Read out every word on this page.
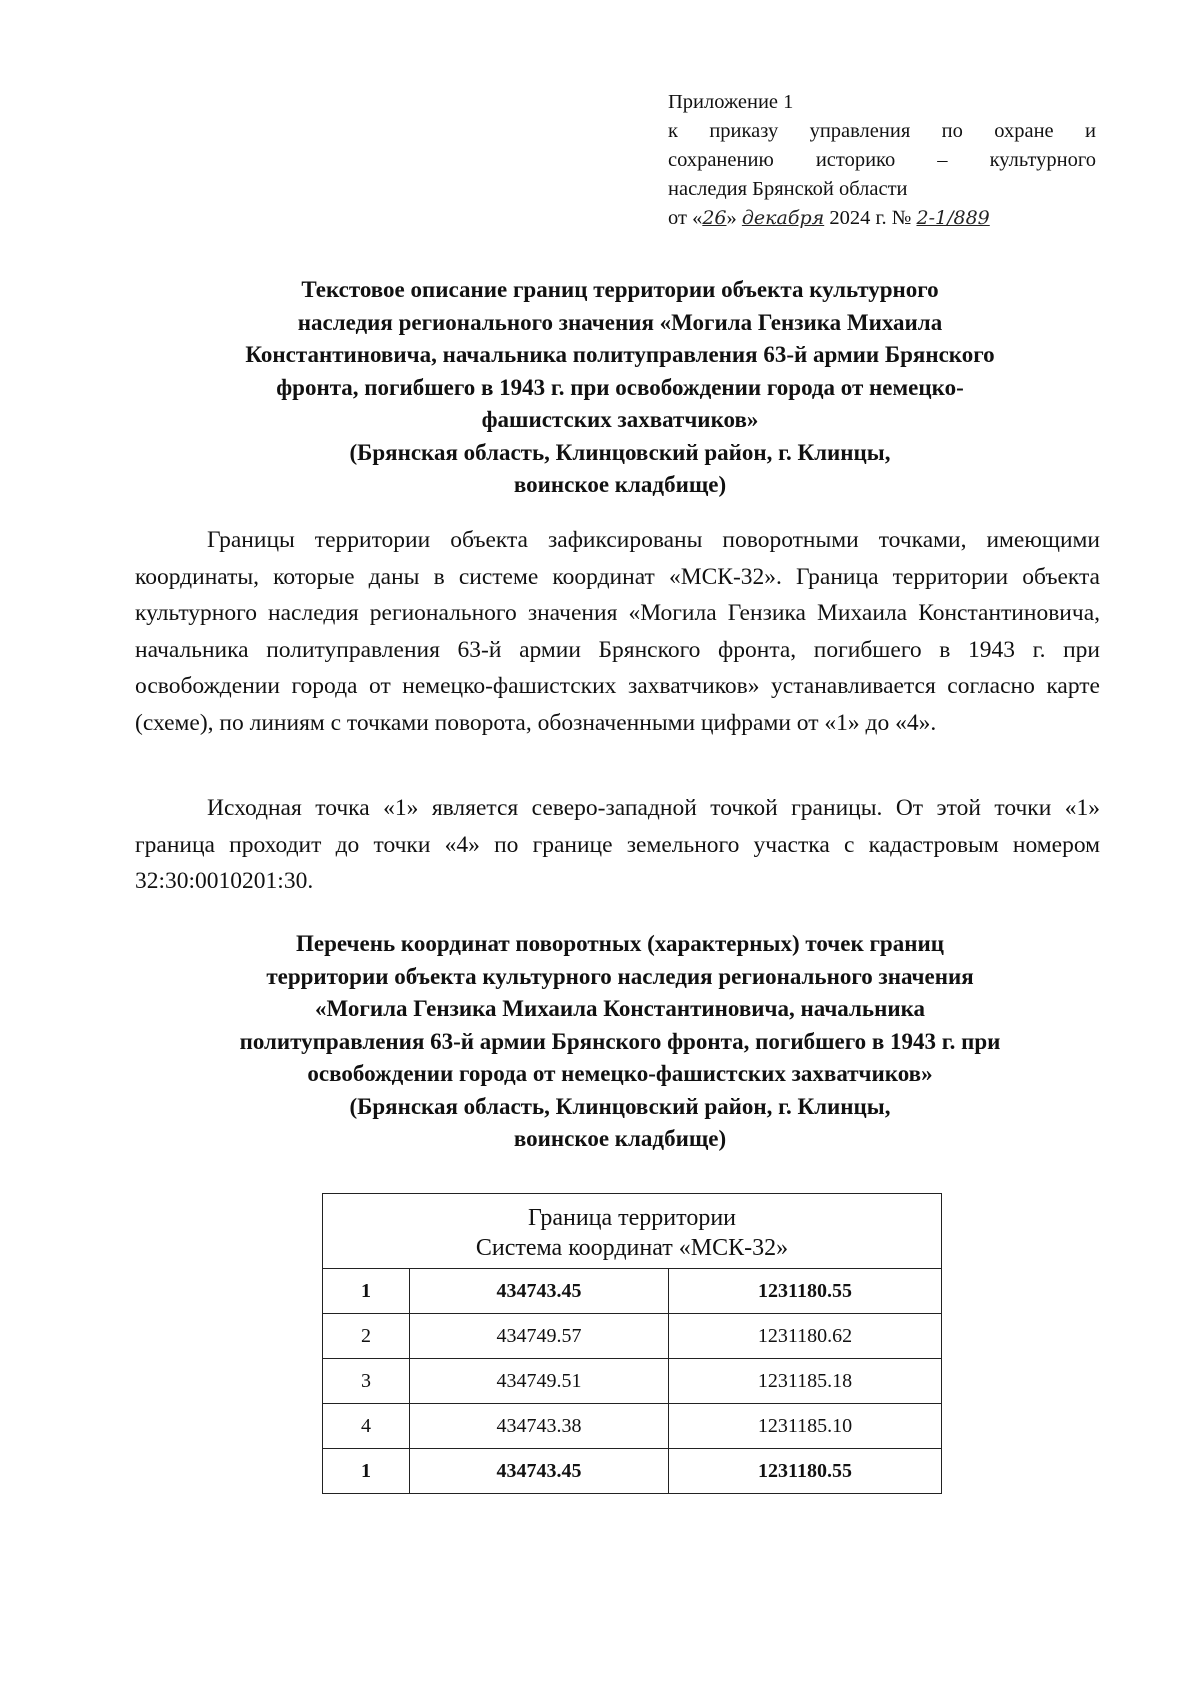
Приложение 1
к приказу управления по охране и
сохранению историко – культурного
наследия Брянской области
от «26» декабря 2024 г. № 2-1/889
Текстовое описание границ территории объекта культурного
наследия регионального значения «Могила Гензика Михаила
Константиновича, начальника политуправления 63-й армии Брянского
фронта, погибшего в 1943 г. при освобождении города от немецко-
фашистских захватчиков»
(Брянская область, Клинцовский район, г. Клинцы,
воинское кладбище)

Границы территории объекта зафиксированы поворотными точками, имеющими координаты, которые даны в системе координат «МСК-32». Граница территории объекта культурного наследия регионального значения «Могила Гензика Михаила Константиновича, начальника политуправления 63-й армии Брянского фронта, погибшего в 1943 г. при освобождении города от немецко-фашистских захватчиков» устанавливается согласно карте (схеме), по линиям с точками поворота, обозначенными цифрами от «1» до «4».

Исходная точка «1» является северо-западной точкой границы. От этой точки «1» граница проходит до точки «4» по границе земельного участка с кадастровым номером 32:30:0010201:30.

Перечень координат поворотных (характерных) точек границ
территории объекта культурного наследия регионального значения
«Могила Гензика Михаила Константиновича, начальника
политуправления 63-й армии Брянского фронта, погибшего в 1943 г. при
освобождении города от немецко-фашистских захватчиков»
(Брянская область, Клинцовский район, г. Клинцы,
воинское кладбище)
Граница территории
Система координат «МСК-32»		

1	434743.45	1231180.55
2	434749.57	1231180.62
3	434749.51	1231185.18
4	434743.38	1231185.10
1	434743.45	1231180.55
